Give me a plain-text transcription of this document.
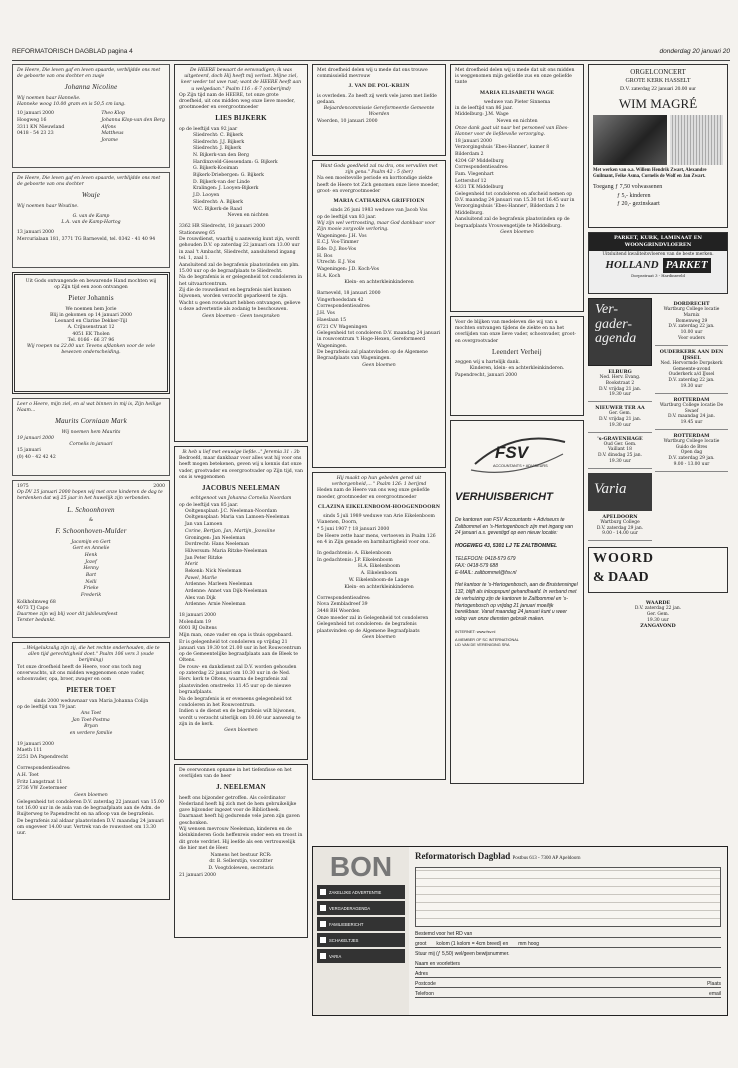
REFORMATORISCH DAGBLAD pagina 4	donderdag 20 januari 20
De Heere, Die leven gaf en leven spaarde, verblijdde ons met de geboorte van ons dochter en zusje
Johanna Nicoline
Wij noemen haar Hannelie.
Hanneke woog 10.00 gram en is 50,5 cm lang.
10 januari 2000
Hoogweg 16
3311 KN Nieuwland
0418 - 54 23 23
Theo Klop
Johanna Klop-van den Berg
Alfons
Mattheus
Jorame
De Heere, Die leven gaf en leven spaarde, verblijdde ons met de geboorte van ons dochter
Wouje
Wij noemen haar Woutine.
G. van de Kamp
L.A. van de Kamp-Hartog
13 januari 2000
Mercurialaan 181, 3771 TG Barneveld, tel. 0342 - 41 40 94
Uit Gods ontvangende en bewarende Hand mochten wij op Zijn tijd een zoon ontvangen
Pieter Johannis
We noemen hem Jorie
Blij in gekomen op 14 januari 2000
Leonard en Clarine Dekker-Tijl
A. Crijnsenstraat 12
4051 EK Tholen
Tel. 0166 - 66 37 96
Wij roepen na 22.00 uur. Tevens afdanken voor de vele bewezen onderscheiding.
Leer o Heere, mijn ziel, en al wat binnen in mij is, Zijn heilige Naam...
Maurits Corniaan Mark
Wij noemen hem Maurits
19 januari 2000
Cornelis in januari
15 januari
(0) 40 - 42 42 42
1975	2000
Op DV 25 januari 2000 hopen wij met onze kinderen de dag te herdenken dat wij 25 jaar in het huwelijk zijn verbonden.
L. Schoonhoven
&
F. Schoonhoven-Mulder
Jacomijn en Gert
Gert en Annelie
Henk
Jozef
Henny
Bart
Nelli
Frieke
Frederik
Kolkholmweg 68
4073 TJ Capo
Daarmee zijn wij blij voor dit jubileumfeest
Terster bedankt.
...Welgelukzalig zijn zij, die het rechte onderhouden, die te allen tijd gerechtigheid doet." Psalm 106 vers 3 (oude berijming)
Tot onze droefheid heeft de Heere, voor ons toch nog onverwachts, uit ons midden weggenomen onze vader, schoonvader, opa, broer, zwager en oom
PIETER TOET
sinds 2000 weduwnaar van Maria Johanna Colijn
op de leeftijd van 79 jaar.
Ans Toet
Jan Toet-Postma
Bryan
en verdere familie
19 januari 2000
Maeth 111
2251 DA Papendrecht
Correspondentieadres:
A.H. Toet
Fritz Langstraat 11
2736 VW Zoetermeer
Geen bloemen
Gelegenheid tot condoleren D.V. zaterdag 22 januari van 15.00 tot 16.00 uur in de aula van de begraafplaats aan de Adm. de Ruijterweg te Papendrecht en na afloop van de begrafenis.
De begrafenis zal aldaar plaatsvinden D.V. maandag 24 januari om ongeveer 14.00 uur. Vertrek van de rouwstoet om 13.30 uur.
De HEERE bewaart de eenvoudigen; ik was uitgeteerd, doch Hij heeft mij verlost. Mijne ziel, keer weder tot uwe rust; want de HEERE heeft aan u welgedaan." Psalm 116 : 6-7 (onberijmd)
Op Zijn tijd nam de HEERE, tot onze grote droefheid, uit ons midden weg onze lieve moeder, grootmoeder en overgrootmoeder
LIES BIJKERK
op de leeftijd van 92 jaar
Sliedrecht: C. Bijkerk
Sliedrecht: J.J. Bijkerk
Sliedrecht: J. Bijkerk
N. Bijkerk-van den Berg
Hardinxveld-Giessendam: G. Bijkerk
G. Bijkerk-Kooiman
Bijkerk-Driebergen: G. Bijkerk
D. Bijkerk-van der Linde
Kralingen: J. Looyen-Bijkerk
J.D. Looyen
Sliedrecht: A. Bijkerk
W.C. Bijkerk-de Raad
Neven en nichten
3362 HR Sliedrecht, 18 januari 2000
Stationsweg 65
De rouwdienst, waarbij u aanwezig kunt zijn, wordt gehouden D.V. op zaterdag 22 januari om 13.00 uur in zaal 't Ambacht, Sliedrecht, aansluitend ingang tel. 1, zaal 1.
Aansluitend zal de begrafenis plaatsvinden om plm. 15.00 uur op de begraafplaats te Sliedrecht.
Na de begrafenis is er gelegenheid tot condoleren in het uitvaartcentrum.
Zij die de rouwdienst en begrafenis niet kunnen bijwonen, worden verzocht geparkeerd te zijn.
Wacht u geen rouwkaart hebben ontvangen, gelieve u deze advertentie als zodanig te beschouwen.
Geen bloemen - Geen toespraken
Ik heb u lief met eeuwige liefde..." Jeremia 31 : 3b
Bedroefd, maar dankbaar voor alles wat hij voor ons heeft mogen betekenen, geven wij u kennis dat onze vader, grootvader en overgrootvader op Zijn tijd, van ons is weggenomen
JACOBUS NEELEMAN
echtgenoot van Johanna Cornelia Noordam
op de leeftijd van 85 jaar.
Ooltgensplaat: J.C. Neeleman-Noordam
Ooltgensplaat: Maria van Lamoen-Neeleman
Jan van Lamoen
Corine, Bertjan, Jan, Martijn, Jozesiine
Groningen: Jan Neeleman
Dordrecht: Hans Neeleman
Hilversum: Maria Ritzke-Neeleman
Jan Peter Ritzke
Merit
Rekenk: Nick Neeleman
Pawel, Marlie
Ardenne: Marleen Neeleman
Ardenne: Annet van Dijk-Neeleman
Alex van Dijk
Ardenne: Arnie Neeleman
18 januari 2000
Molendam 19
6001 RJ Ooltens
Mijn man, onze vader en opa is thuis opgebaard.
Er is gelegenheid tot condoleren op vrijdag 21 januari van 19.30 tot 21.00 uur in het Rouwcentrum op de Gemeentelijke begraafplaats aan de Bleek te Oltens.
De rouw- en dankdienst zal D.V. worden gehouden op zaterdag 22 januari om 10.30 uur in de Ned. Herv. kerk te Oltens, waarna de begrafenis zal plaatsvinden omstreeks 11.45 uur op de nieuwe begraafplaats.
Na de begrafenis is er eveneens gelegenheid tot condoleren in het Rouwcentrum.
Indien u de dienst en de begrafenis wilt bijwonen, wordt u verzocht uiterlijk om 10.00 uur aanwezig te zijn in de kerk.
Geen bloemen
De overwonnen opname in het tiefenfisse en het overlijden van de heer
J. NEELEMAN
heeft ons bijzonder getroffen. Als coördinator Nederland heeft hij zich met de hem gebruikelijke gave bijzonder ingezet voor de Bibliotheek. Daarnaast heeft hij gedurende vele jaren zijn gaven geschonken.
Wij wensen mevrouw Neeleman, kinderen en de kleinkinderen Gods heffenreis onder een en troost in dit grote verdriet. Hij leefde als een vertrouwelijk die hier met de Heer.
Namens het bestuur RCR:
dr. B. Sellerstijn, voorzitter
D. Voogtdolewen, secretaris
21 januari 2000
Met droefheid delen wij u mede dat ons trouwe commissielid mevrouw
J. VAN DE POL-KRIJN
is overleden. Zo heeft zij werk vele jaren met liefde gedaan.
Bejaardencommissie Gereformeerde Gemeente Woerden
Woerden, 10 januari 2000
Want Gods goedheid zal nu dra, ons vervullen met zijn gena." Psalm 42 : 5 (ber)
Na een moeitevolle periode en korttondige ziekte heeft de Heere tot Zich genomen onze lieve moeder, groot- en overgrootmoeder
MARIA CATHARINA GRIFFIOEN
sinds 26 juni 1983 weduwe van Jacob Vos
op de leeftijd van 83 jaar.
Wij zijn wel vertroosting, maar God dankbaar voor Zijn mooie zorgvolle verloring.
Wageningen: J.H. Vos
E.C.J. Vos-Timmer
Ede: D.J. Bos-Vos
H. Bos
Utrecht: E.J. Vos
Wageningen: J.D. Koch-Vos
H.A. Koch
Klein- en achterkleinkinderen
Barneveld, 18 januari 2000
Vingerhoedsdam 42
Correspondentieadres:
J.H. Vos
Haeslaan 15
6721 CV Wageningen
Gelegenheid tot condoleren D.V. maandag 24 januari in rouwcentrum 't Hoge-Hexen, Gereformeerd Wageningen.
De begrafenis zal plaatsvinden op de Algemene Begraafplaats van Wageningen.
Geen bloemen
Hij maakt op hun gebeden gered uit verborgenheid,... " Psalm 126: 1 berijmd
Heden nam de Heere van ons weg onze geliefde moeder, grootmoeder en overgrootmoeder
CLAZINA EIKELENBOOM-HOOGENDOORN
sinds 5 juli 1989 weduwe van Arie Eikelenboom
Vianenen, Doorn,
* 5 juni 1907 † 18 januari 2000
De Heere zette haar mens, vertoeven in Psalm 126 en 4 in Zijn genade en barmhartigheid voor ons.
In gedachtenis: A. Eikelenboom
In gedachtenis: J.P. Eikelenboom
H.A. Eikelenboom
A. Eikelenboom
W. Eikelenboom-de Lange
Klein- en achterkleinkinderen
Correspondentieadres:
Nova Zembladreef 39
3448 BH Woerden
Onze moeder zal in Gelegenheid tot condoleren
Gelegenheid tot condoleren: de begrafenis plaatsvinden op de Algemene Begraafplaats
Geen bloemen
Met droefheid delen wij u mede dat uit ons midden is weggenomen mijn geliefde zus en onze geliefde tante
MARIA ELISABETH WAGE
weduwe van Pieter Sinnema
in de leeftijd van 86 jaar.
Middelburg: J.M. Wage
Neven en nichten
Onze dank gaat uit naar het personeel van Ebes-Hanner voor de liefdevolle verzorging.
18 januari 2000
Verzorgingshuis 'Ebes-Hanner', kamer 8
Bilderdam 2
4204 GP Middelburg
Correspondentieadres:
Fam. Vlegenhart
Lettershof 12
4331 TK Middelburg
Gelegenheid tot condoleren en afscheid nemen op D.V. maandag 24 januari van 15.30 tot 16.45 uur in Verzorgingshuis 'Ebes-Hanner', Bilderdam 2 te Middelburg.
Aansluitend zal de begrafenis plaatsvinden op de begraafplaats Vrouwengetijde te Middelburg.
Geen bloemen
Voor de blijken van medeleven die wij van u mochten ontvangen tijdens de ziekte en na het overlijden van onze lieve vader, schoonvader, groot- en overgrootvader
Leendert Verheij
zeggen wij u hartelijk dank.
Kinderen, klein- en achterkleinkinderen.
Papendrecht, januari 2000
FSV
ACCOUNTANTS + ADVISEURS
VERHUISBERICHT
De kantoren van FSV Accountants + Adviseurs te Zaltbommel en 's-Hertogenbosch zijn met ingang van 24 januari a.s. gevestigd op een nieuw locatie:
HOGEWEG 43, 5301 LJ TE ZALTBOMMEL
TELEFOON: 0418-579 679
FAX: 0418-579 688
E-MAIL: zaltbommel@fsv.nl
Het kantoor te 's-Hertogenbosch, aan de Bruistensingel 132, blijft als inloopspunt gehandhaafd. In verband met de verhuizing zijn de kantoren te Zaltbommel en 's-Hertogenbosch op vrijdag 21 januari moeilijk bereikbaar. Vanaf maandag 24 januari kunt u weer volop van onze diensten gebruik maken.
INTERNET: www.fsv.nl
A MEMBER OF SC INTERNATIONAL
LID VAN DE VERENIGING SRA
ORGELCONCERT
GROTE KERK HASSELT
D.V. zaterdag 22 januari 20.00 uur
WIM MAGRÉ
Met werken van o.a. Willem Hendrik Zwart, Alexandre Guilmant, Feike Asma, Cornelis de Wolf en Jan Zwart.
Toegang ƒ 7,50 volwassenen
ƒ 5,- kinderen
ƒ 20,- gezinskaart
PARKET, KURK, LAMINAAT EN WOONGRINDVLOEREN
Uitsluitend kwaliteitsvloeren van de beste merken.
HOLLAND PARKET
Dorpsstraat 3 - Hardinxveld
Ver-
gader-
agenda
ELBURG
Ned. Herv. Evang.
Bookstraat 2
D.V. vrijdag 21 jan.
19.30 uur
NIEUWER TER AA
Ger. Gem.
D.V. vrijdag 21 jan.
19.30 uur
's-GRAVENHAGE
Oud Ger. Gem.
Vaillant 18
D.V. dinsdag 25 jan.
19.30 uur
Varia
APELDOORN
Wartburg College
D.V. zaterdag 29 jan.
9.00 - 14.00 uur
DORDRECHT
Wartburg College locatie Marnix
Bomenweg 29
D.V. zaterdag 22 jan.
10.00 uur
Voor ouders
OUDERKERK AAN DEN IJSSEL
Ned. Hervormde Dorpskerk
Gemeente-avond
Ouderkerk a/d IJssel
D.V. zaterdag 22 jan.
19.30 uur
ROTTERDAM
Wartburg College locatie De Swaef
D.V. maandag 24 jan.
19.45 uur
ROTTERDAM
Wartburg College locatie Guido de Bres
Open dag
D.V. zaterdag 29 jan.
9.00 - 13.00 uur
WOORD
& DAAD
WAARDE
D.V. zaterdag 22 jan.
Ger. Gem.
19.30 uur
ZANGAVOND
BON
ZAKELIJKE ADVERTENTIE
VERGADERAGENDA
FAMILIEBERICHT
SCHAKELTJES
VARIA
Reformatorisch Dagblad Postbus 613 - 7300 AP Apeldoorn
Bestemd voor het RD van
groot kolom (1 kolom = 4cm breed) en mm hoog
Stuur mij (ƒ 5,50) wel/geen bewijsnummer.
Naam en voorletters
Adres
Postcode	Plaats
Telefoon	email
